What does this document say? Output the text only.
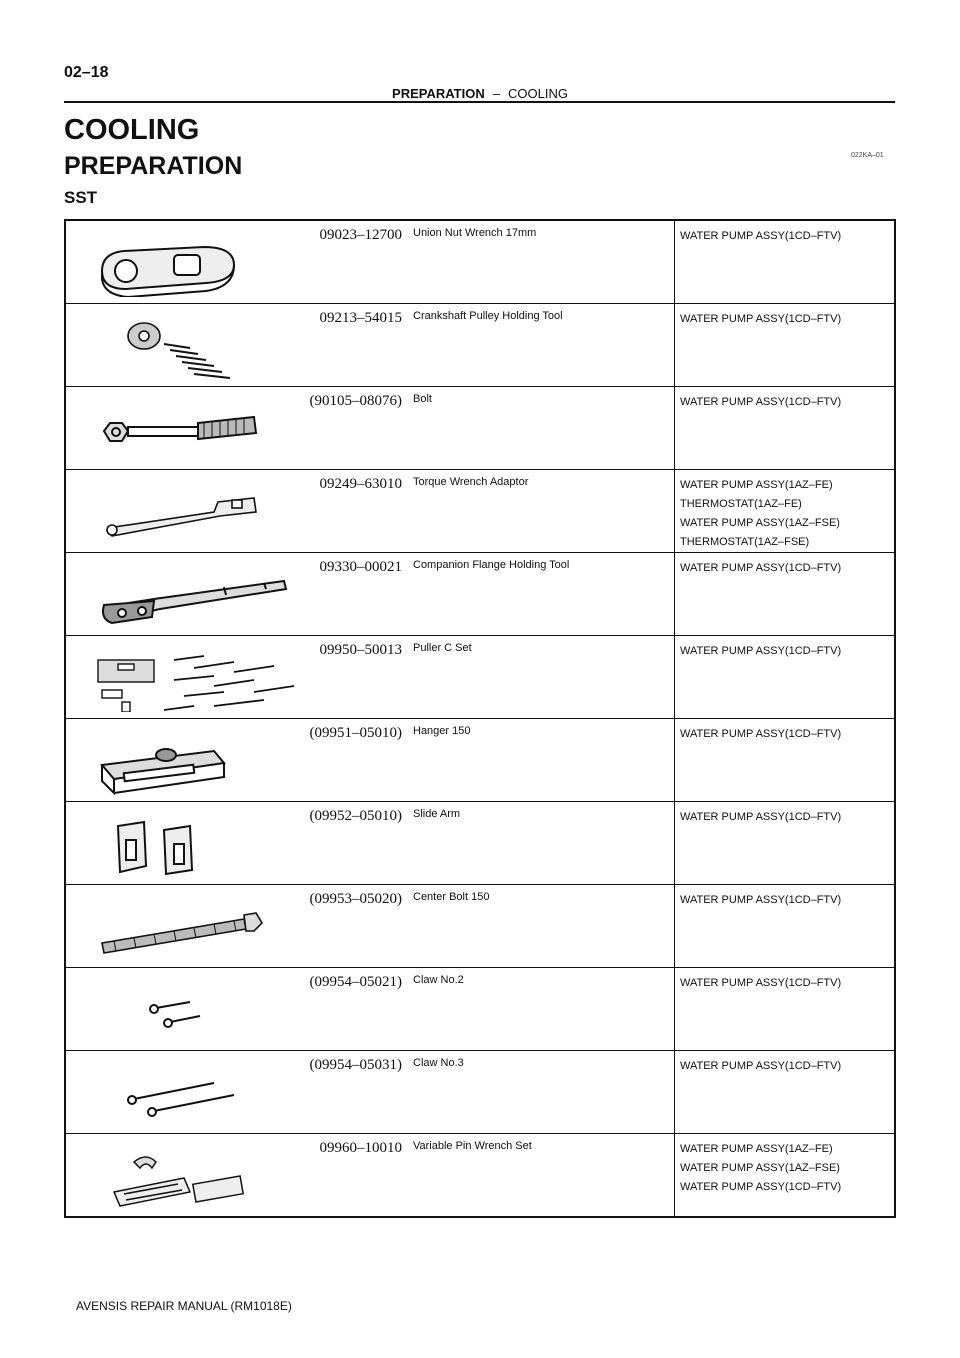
02–18
PREPARATION – COOLING
COOLING
PREPARATION	022KA–01
SST
09023–12700	Union Nut Wrench 17mm	WATER PUMP ASSY(1CD–FTV)

09213–54015	Crankshaft Pulley Holding Tool	WATER PUMP ASSY(1CD–FTV)

(90105–08076)	Bolt	WATER PUMP ASSY(1CD–FTV)

09249–63010	Torque Wrench Adaptor	WATER PUMP ASSY(1AZ–FE)
THERMOSTAT(1AZ–FE)
WATER PUMP ASSY(1AZ–FSE)
THERMOSTAT(1AZ–FSE)

09330–00021	Companion Flange Holding Tool	WATER PUMP ASSY(1CD–FTV)

09950–50013	Puller C Set	WATER PUMP ASSY(1CD–FTV)

(09951–05010)	Hanger 150	WATER PUMP ASSY(1CD–FTV)

(09952–05010)	Slide Arm	WATER PUMP ASSY(1CD–FTV)

(09953–05020)	Center Bolt 150	WATER PUMP ASSY(1CD–FTV)

(09954–05021)	Claw No.2	WATER PUMP ASSY(1CD–FTV)

(09954–05031)	Claw No.3	WATER PUMP ASSY(1CD–FTV)

09960–10010	Variable Pin Wrench Set	WATER PUMP ASSY(1AZ–FE)
WATER PUMP ASSY(1AZ–FSE)
WATER PUMP ASSY(1CD–FTV)
AVENSIS REPAIR MANUAL (RM1018E)
